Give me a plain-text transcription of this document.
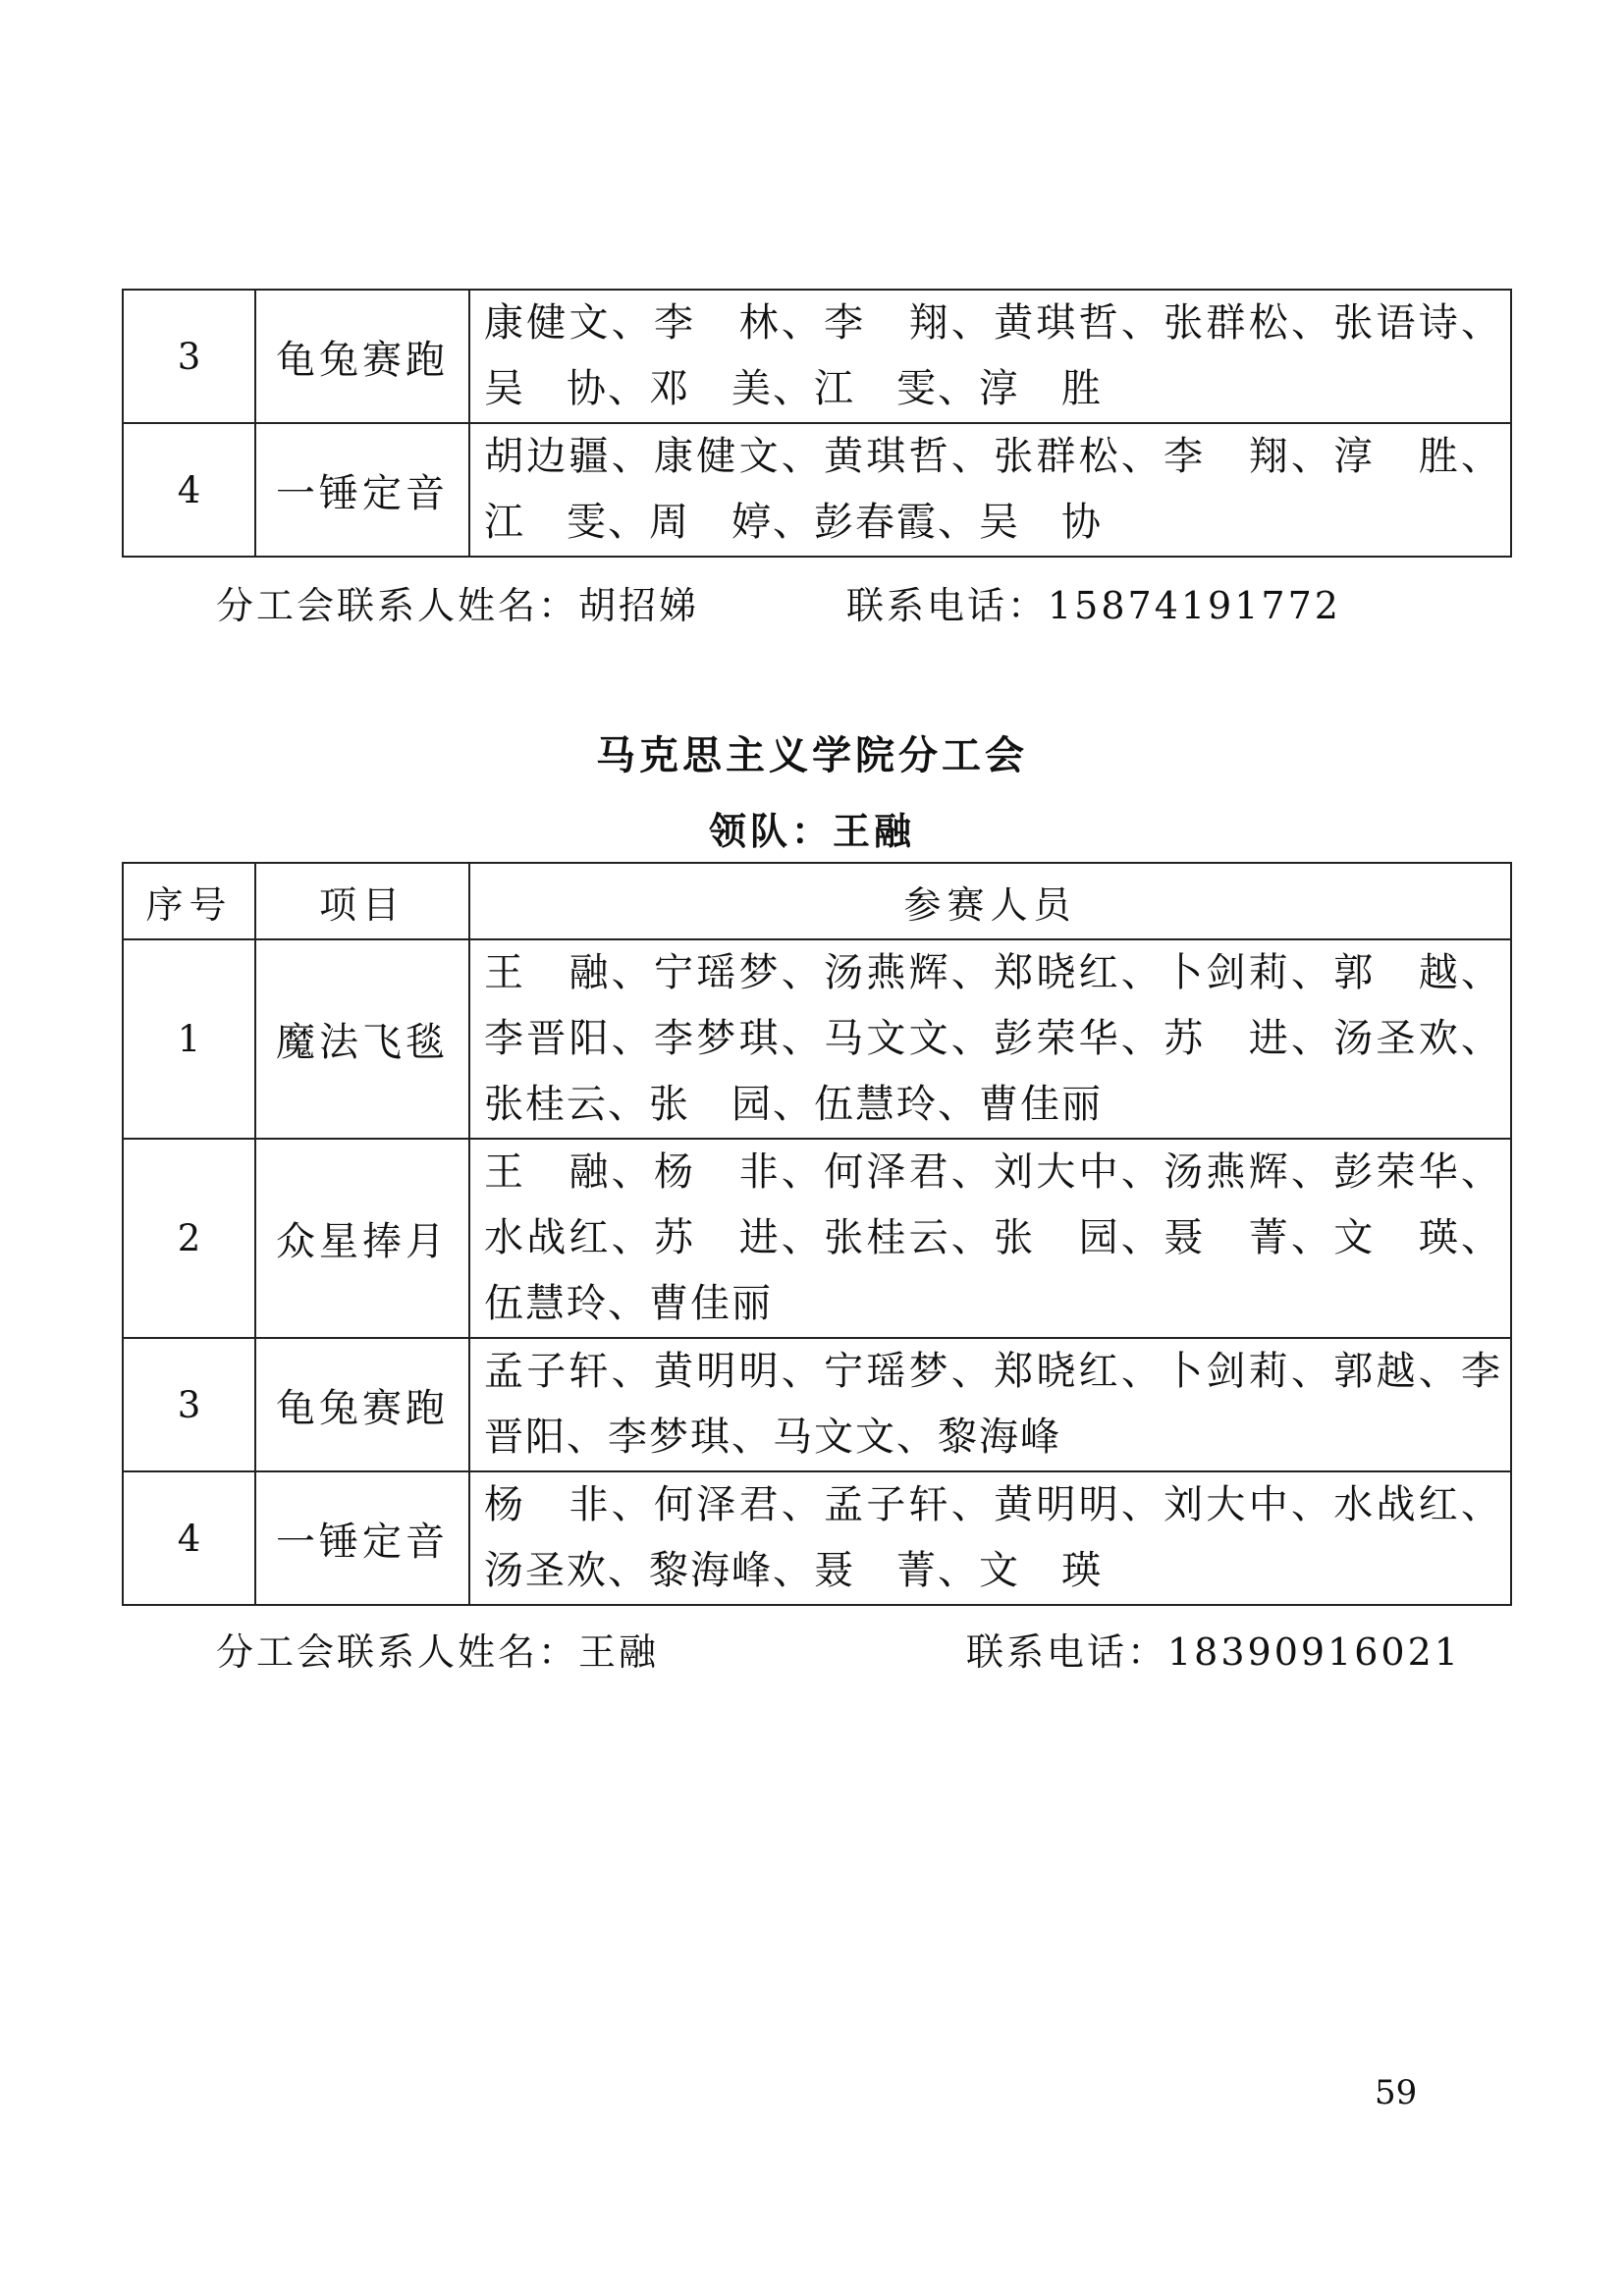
3	龟兔赛跑	康健文、李　林、李　翔、黄琪哲、张群松、张语诗、吴　协、邓　美、江　雯、淳　胜
4	一锤定音	胡边疆、康健文、黄琪哲、张群松、李　翔、淳　胜、江　雯、周　婷、彭春霞、吴　协
分工会联系人姓名：胡招娣	联系电话：15874191772
马克思主义学院分工会
领队：王融
序号	项目	参赛人员
1	魔法飞毯	王　融、宁瑶梦、汤燕辉、郑晓红、卜剑莉、郭　越、李晋阳、李梦琪、马文文、彭荣华、苏　进、汤圣欢、张桂云、张　园、伍慧玲、曹佳丽
2	众星捧月	王　融、杨　非、何泽君、刘大中、汤燕辉、彭荣华、水战红、苏　进、张桂云、张　园、聂　菁、文　瑛、伍慧玲、曹佳丽
3	龟兔赛跑	孟子轩、黄明明、宁瑶梦、郑晓红、卜剑莉、郭越、李晋阳、李梦琪、马文文、黎海峰
4	一锤定音	杨　非、何泽君、孟子轩、黄明明、刘大中、水战红、汤圣欢、黎海峰、聂　菁、文　瑛
分工会联系人姓名：王融	联系电话：18390916021
59
